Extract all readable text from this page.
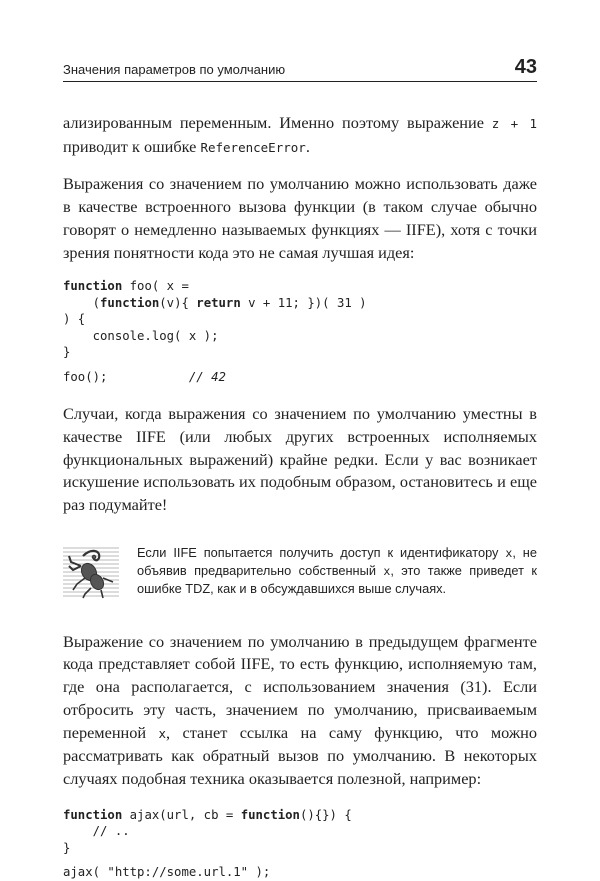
Значения параметров по умолчанию	43

ализированным переменным. Именно поэтому выражение z + 1 приводит к ошибке ReferenceError.

Выражения со значением по умолчанию можно использовать даже в качестве встроенного вызова функции (в таком случае обычно говорят о немедленно называемых функциях — IIFE), хотя с точки зрения понятности кода это не самая лучшая идея:

function foo( x =
(function(v){ return v + 11; })( 31 )
) {
console.log( x );
}
foo();	// 42

Случаи, когда выражения со значением по умолчанию уместны в качестве IIFE (или любых других встроенных исполняемых функциональных выражений) крайне редки. Если у вас возникает искушение использовать их подобным образом, остановитесь и еще раз подумайте!

Если IIFE попытается получить доступ к идентификатору x, не объявив предварительно собственный x, это также приведет к ошибке TDZ, как и в обсуждавшихся выше случаях.

Выражение со значением по умолчанию в предыдущем фрагменте кода представляет собой IIFE, то есть функцию, исполняемую там, где она располагается, с использованием значения (31). Если отбросить эту часть, значением по умолчанию, присваиваемым переменной x, станет ссылка на саму функцию, что можно рассматривать как обратный вызов по умолчанию. В некоторых случаях подобная техника оказывается полезной, например:

function ajax(url, cb = function(){}) {
// ..
}
ajax( "http://some.url.1" );
